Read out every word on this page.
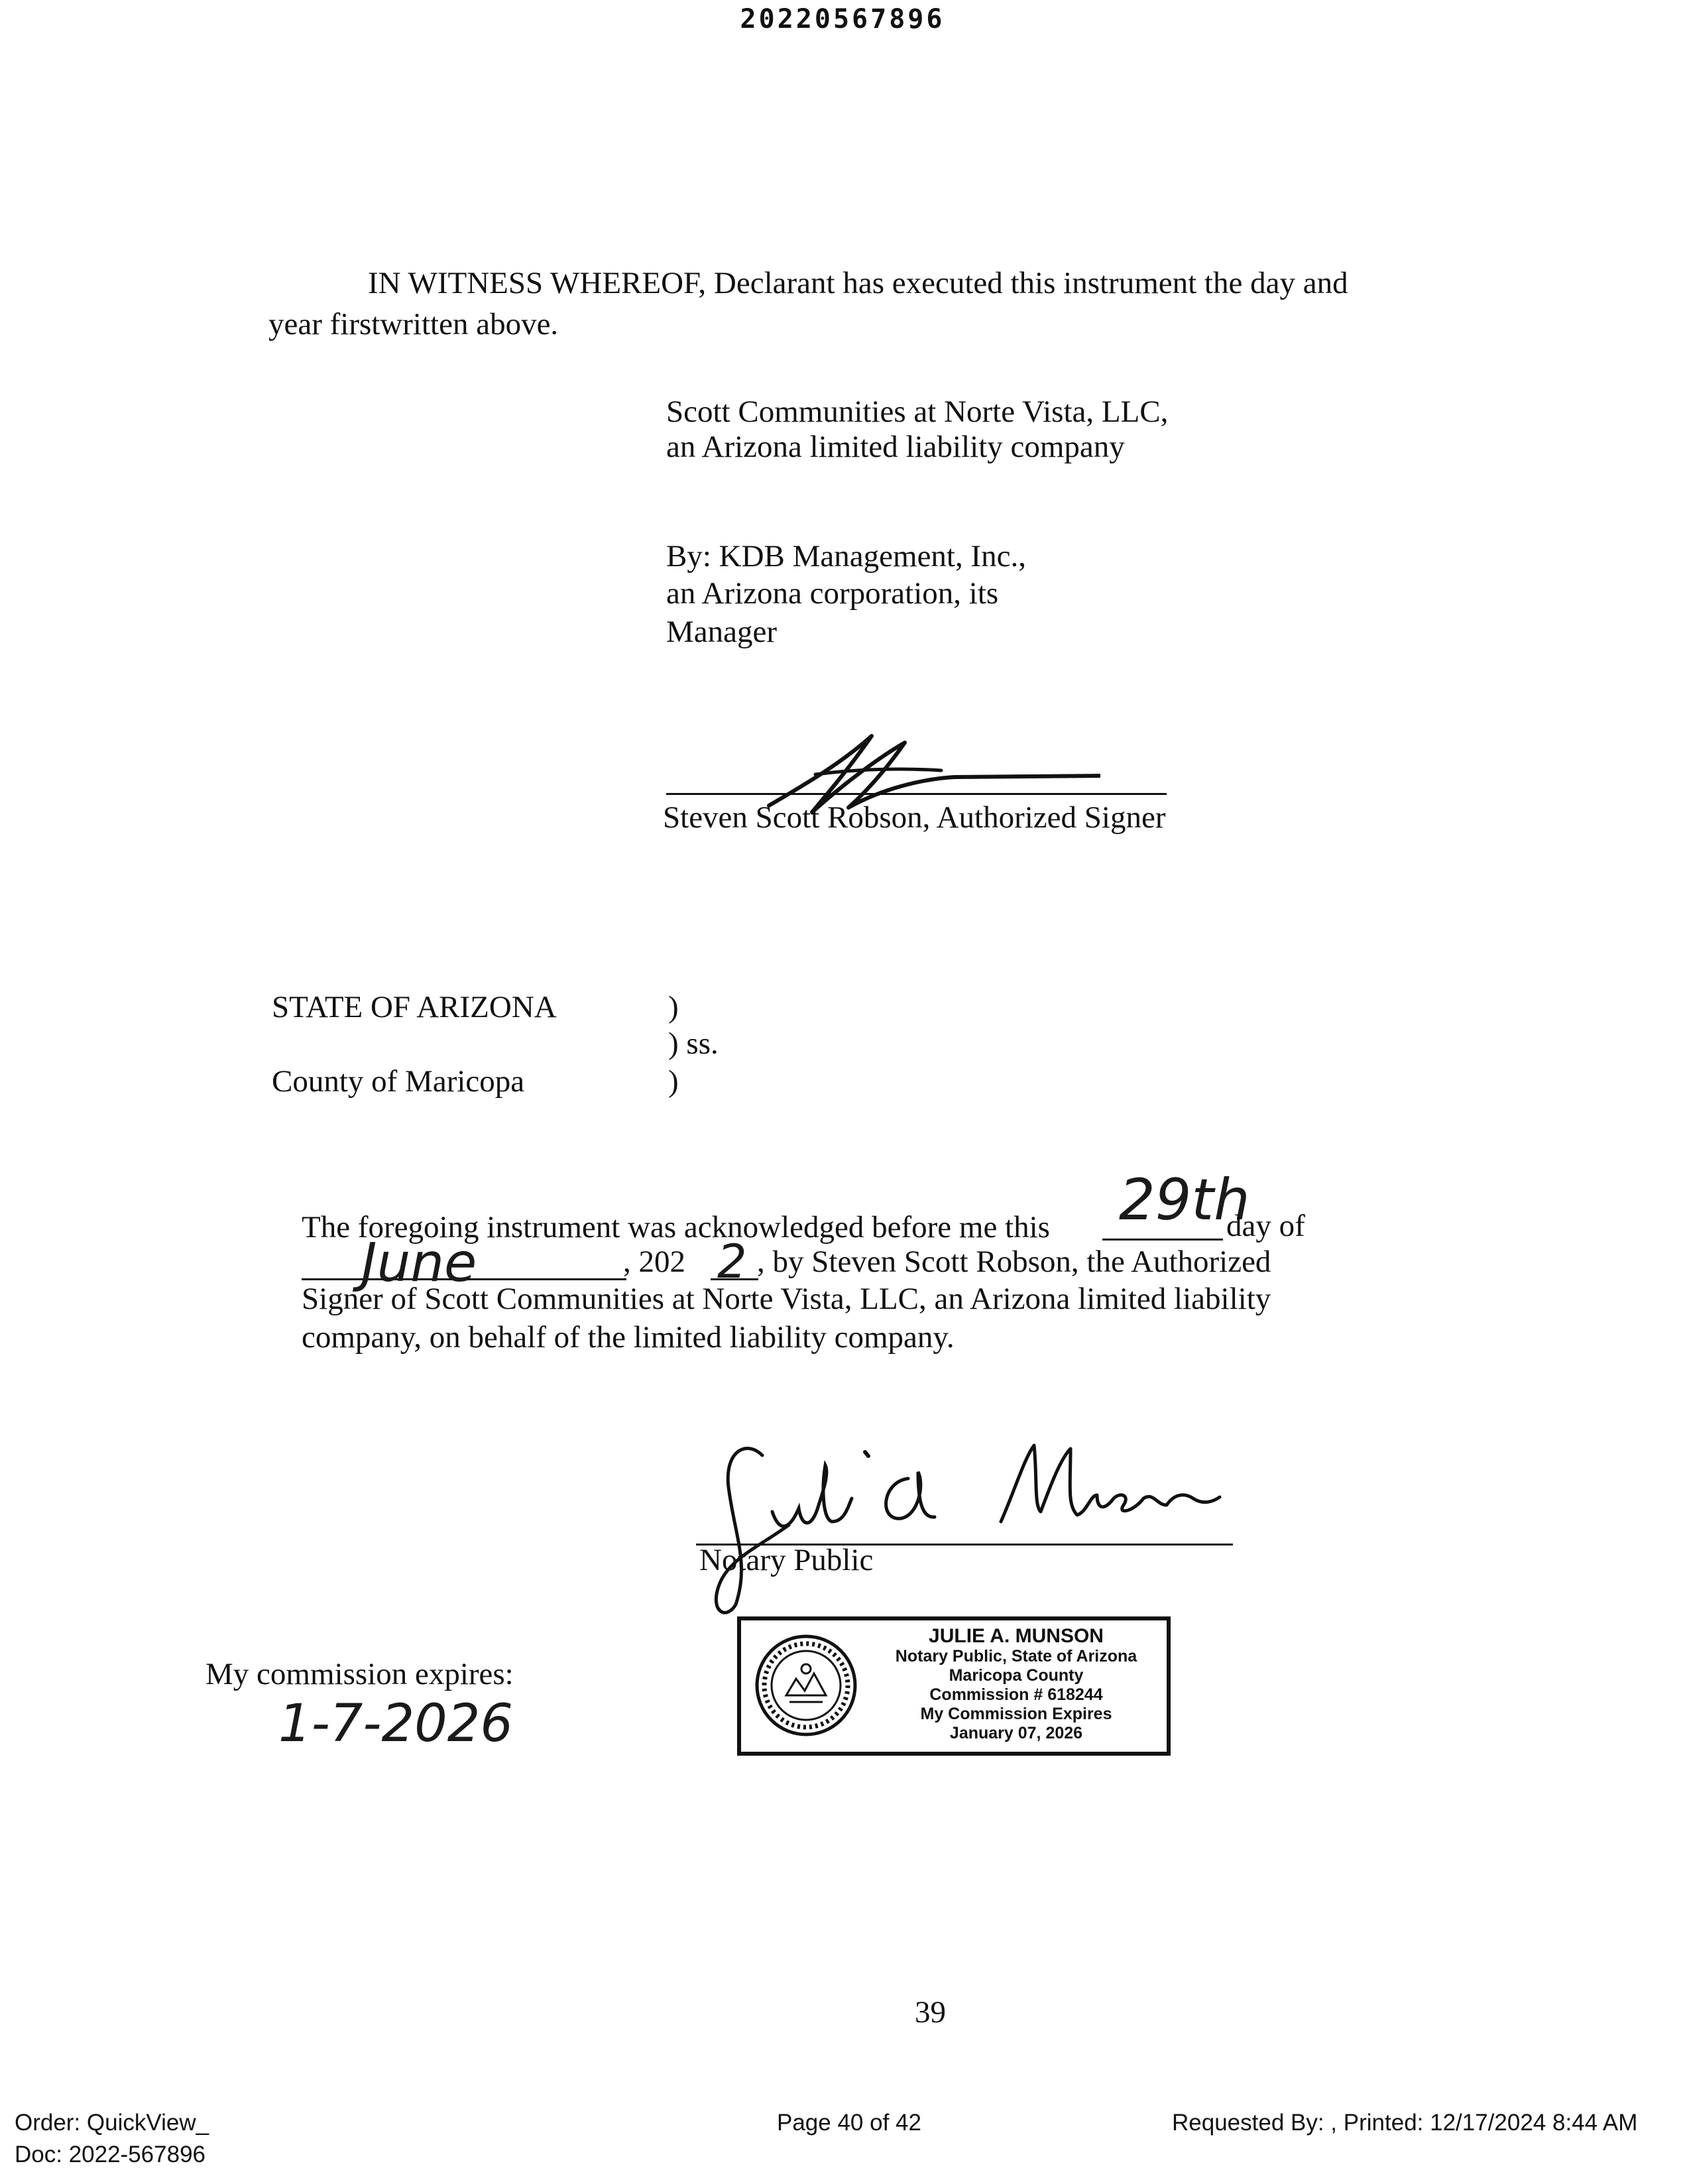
20220567896
IN WITNESS WHEREOF, Declarant has executed this instrument the day and
year firstwritten above.
Scott Communities at Norte Vista, LLC,
an Arizona limited liability company
By: KDB Management, Inc.,
an Arizona corporation, its
Manager
Steven Scott Robson, Authorized Signer
STATE OF ARIZONA	)
) ss.
County of Maricopa	)
The foregoing instrument was acknowledged before me this 29th
day of
June	, 202 2 , by Steven Scott Robson, the Authorized
Signer of Scott Communities at Norte Vista, LLC, an Arizona limited liability
company, on behalf of the limited liability company.
Notary Public
My commission expires:
1-7-2026
JULIE A. MUNSON
Notary Public, State of Arizona
Maricopa County
Commission # 618244
My Commission Expires
January 07, 2026
39
Order: QuickView_
Doc: 2022-567896
Page 40 of 42	Requested By: , Printed: 12/17/2024 8:44 AM
